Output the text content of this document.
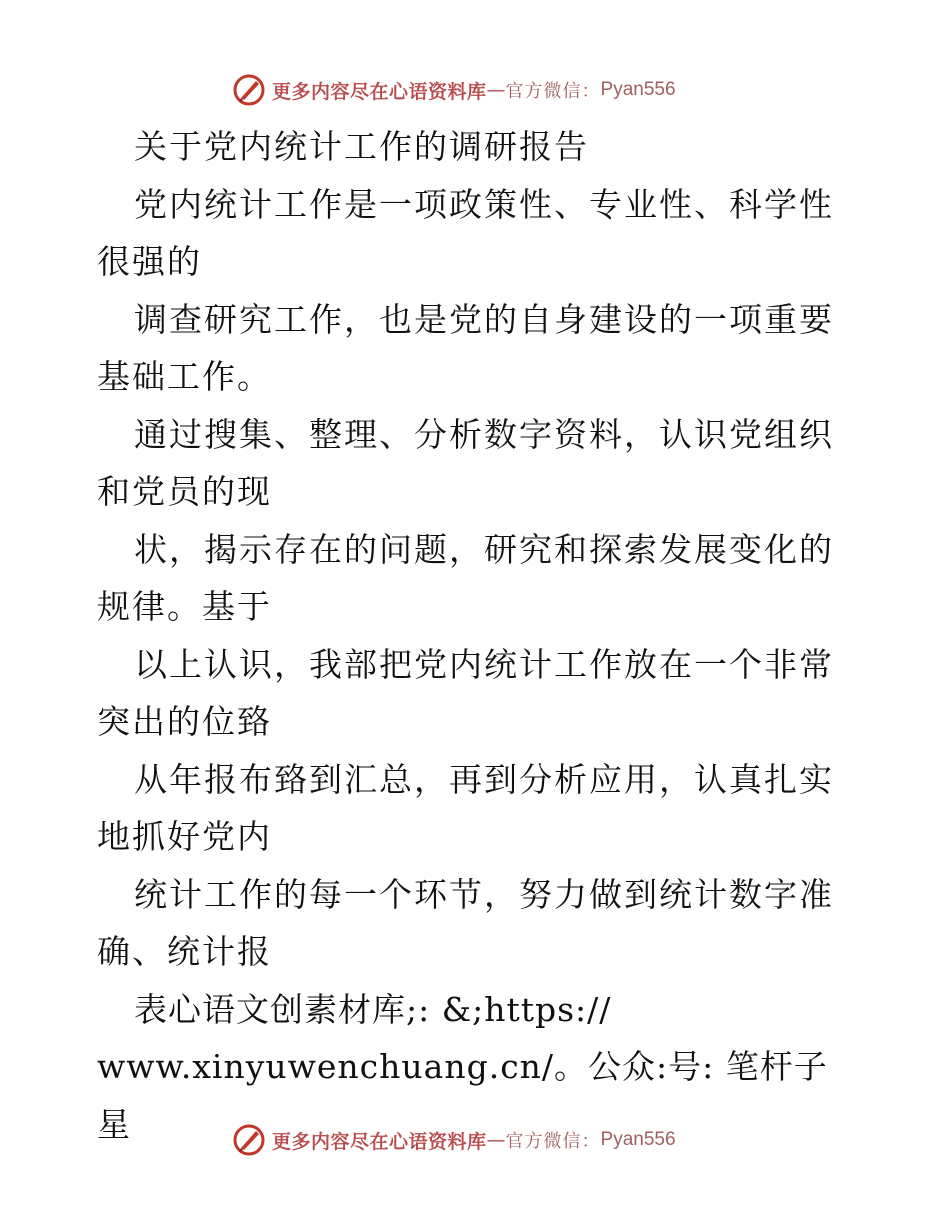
更多内容尽在心语资料库 — 官方微信： Pyan556

关于党内统计工作的调研报告

党内统计工作是一项政策性、专业性、科学性很强的

调查研究工作，也是党的自身建设的一项重要基础工作。

通过搜集、整理、分析数字资料，认识党组织和党员的现

状，揭示存在的问题，研究和探索发展变化的规律。基于

以上认识，我部把党内统计工作放在一个非常突出的位臵

从年报布臵到汇总，再到分析应用，认真扎实地抓好党内

统计工作的每一个环节，努力做到统计数字准确、统计报

表心语文创素材库;: &;https://

www.xinyuwenchuang.cn/。公众:号: 笔杆子星	更多内容尽在心语资料库 — 官方微信： Pyan556
